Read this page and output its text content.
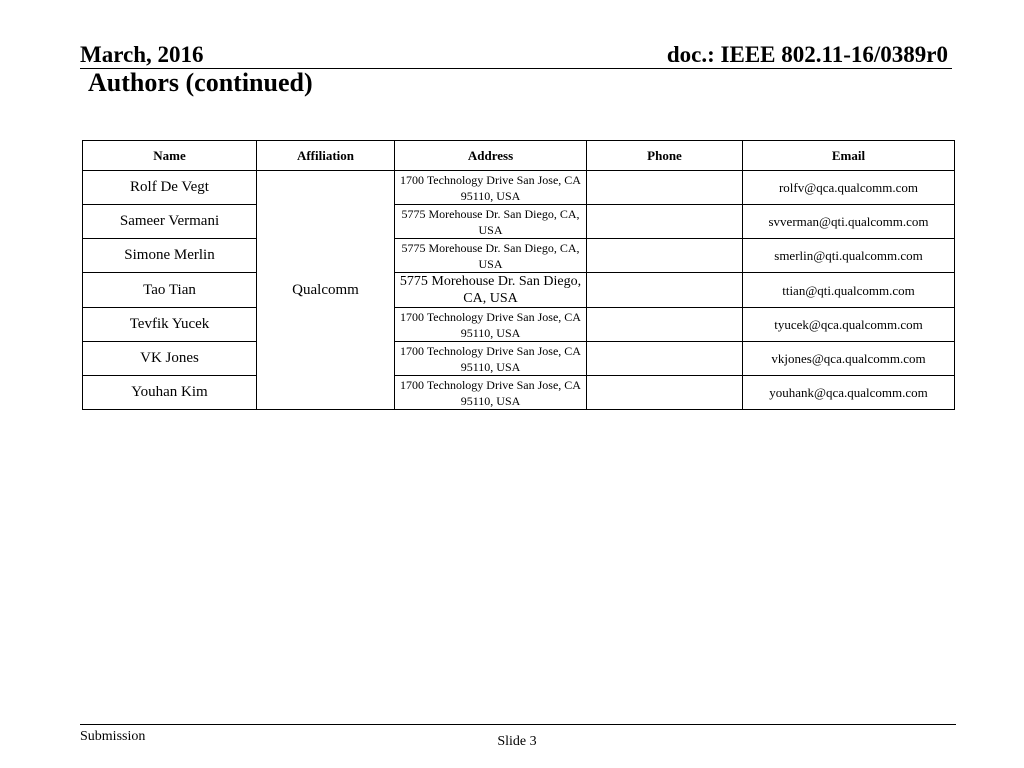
March, 2016	doc.: IEEE 802.11-16/0389r0
Authors (continued)
Name	Affiliation	Address	Phone	Email
Rolf De Vegt	Qualcomm	1700 Technology Drive San Jose, CA 95110, USA		rolfv@qca.qualcomm.com
Sameer Vermani		5775 Morehouse Dr. San Diego, CA, USA		svverman@qti.qualcomm.com
Simone Merlin		5775 Morehouse Dr. San Diego, CA, USA		smerlin@qti.qualcomm.com
Tao Tian		5775 Morehouse Dr. San Diego, CA, USA		ttian@qti.qualcomm.com
Tevfik Yucek		1700 Technology Drive San Jose, CA 95110, USA		tyucek@qca.qualcomm.com
VK Jones		1700 Technology Drive San Jose, CA 95110, USA		vkjones@qca.qualcomm.com
Youhan Kim		1700 Technology Drive San Jose, CA 95110, USA		youhank@qca.qualcomm.com
Submission	Slide 3
